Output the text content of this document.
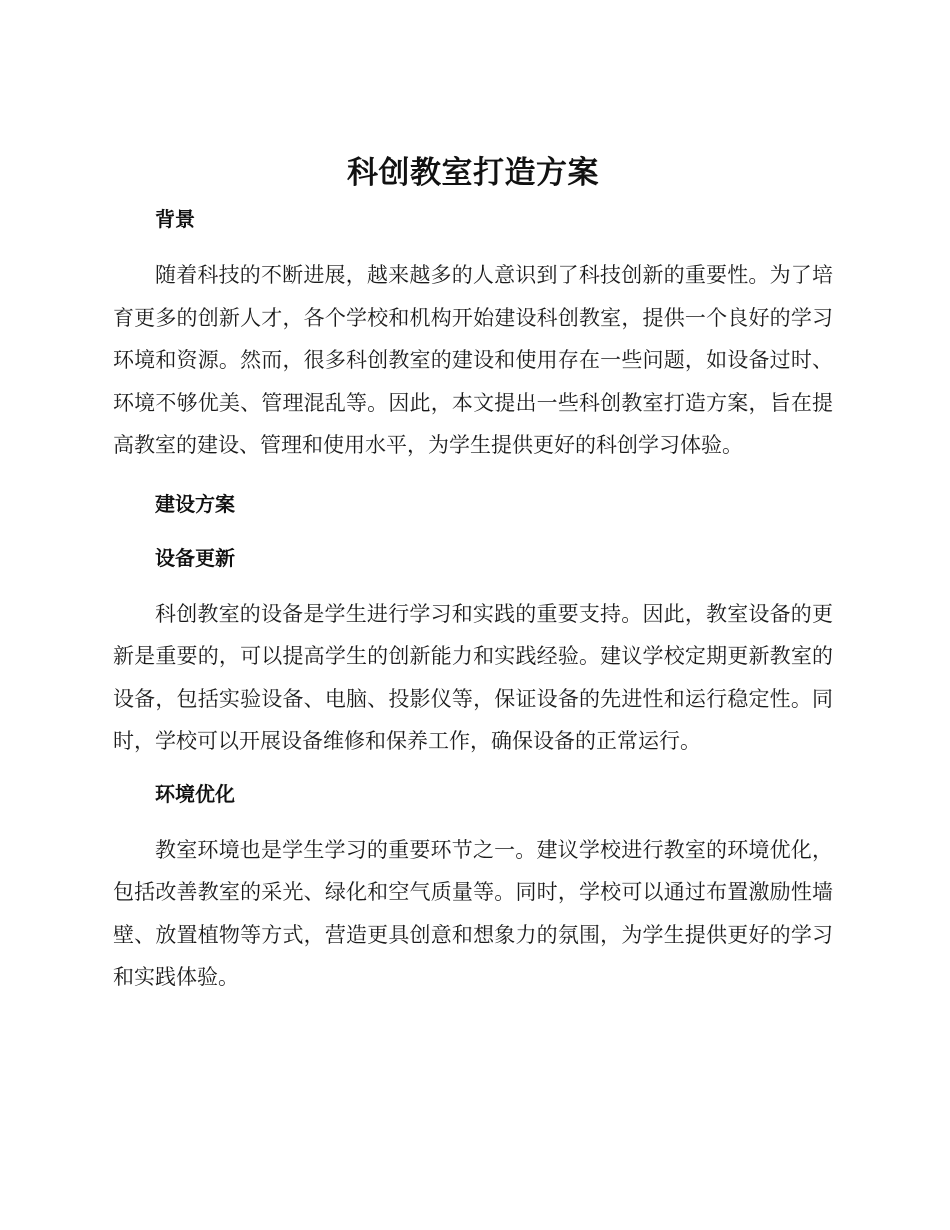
科创教室打造方案
背景

随着科技的不断进展，越来越多的人意识到了科技创新的重要性。为了培育更多的创新人才，各个学校和机构开始建设科创教室，提供一个良好的学习环境和资源。然而，很多科创教室的建设和使用存在一些问题，如设备过时、环境不够优美、管理混乱等。因此，本文提出一些科创教室打造方案，旨在提高教室的建设、管理和使用水平，为学生提供更好的科创学习体验。

建设方案
设备更新

科创教室的设备是学生进行学习和实践的重要支持。因此，教室设备的更新是重要的，可以提高学生的创新能力和实践经验。建议学校定期更新教室的设备，包括实验设备、电脑、投影仪等，保证设备的先进性和运行稳定性。同时，学校可以开展设备维修和保养工作，确保设备的正常运行。

环境优化

教室环境也是学生学习的重要环节之一。建议学校进行教室的环境优化，包括改善教室的采光、绿化和空气质量等。同时，学校可以通过布置激励性墙壁、放置植物等方式，营造更具创意和想象力的氛围，为学生提供更好的学习和实践体验。
